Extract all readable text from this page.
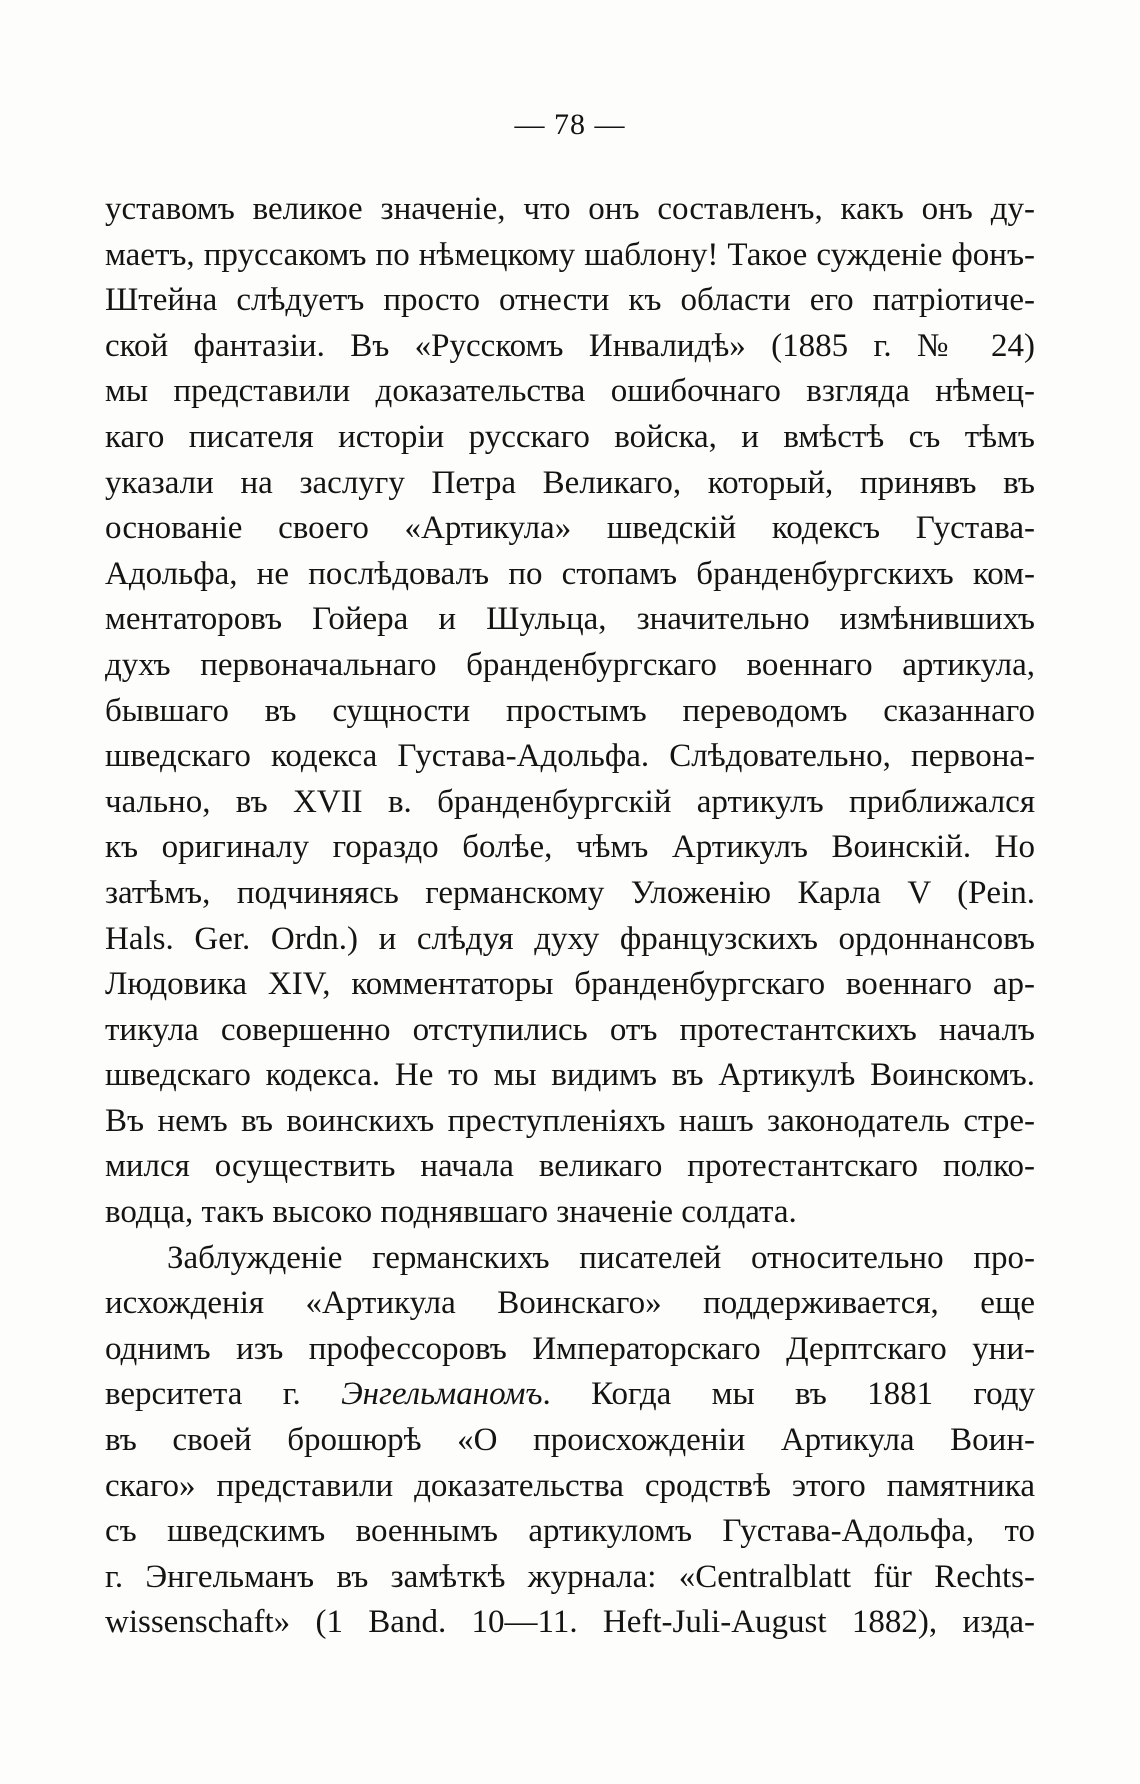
— 78 —
уставомъ великое значеніе, что онъ составленъ, какъ онъ ду-
маетъ, пруссакомъ по нѣмецкому шаблону! Такое сужденіе фонъ-
Штейна слѣдуетъ просто отнести къ области его патріотиче-
ской фантазіи. Въ «Русскомъ Инвалидѣ» (1885 г. № 24)
мы представили доказательства ошибочнаго взгляда нѣмец-
каго писателя исторіи русскаго войска, и вмѣстѣ съ тѣмъ
указали на заслугу Петра Великаго, который, принявъ въ
основаніе своего «Артикула» шведскій кодексъ Густава-
Адольфа, не послѣдовалъ по стопамъ бранденбургскихъ ком-
ментаторовъ Гойера и Шульца, значительно измѣнившихъ
духъ первоначальнаго бранденбургскаго военнаго артикула,
бывшаго въ сущности простымъ переводомъ сказаннаго
шведскаго кодекса Густава-Адольфа. Слѣдовательно, первона-
чально, въ XVII в. бранденбургскій артикулъ приближался
къ оригиналу гораздо болѣе, чѣмъ Артикулъ Воинскій. Но
затѣмъ, подчиняясь германскому Уложенію Карла V (Pein.
Hals. Ger. Ordn.) и слѣдуя духу французскихъ ордоннансовъ
Людовика XIV, комментаторы бранденбургскаго военнаго ар-
тикула совершенно отступились отъ протестантскихъ началъ
шведскаго кодекса. Не то мы видимъ въ Артикулѣ Воинскомъ.
Въ немъ въ воинскихъ преступленіяхъ нашъ законодатель стре-
мился осуществить начала великаго протестантскаго полко-
водца, такъ высоко поднявшаго значеніе солдата.
Заблужденіе германскихъ писателей относительно про-
исхожденія «Артикула Воинскаго» поддерживается, еще
однимъ изъ профессоровъ Императорскаго Дерптскаго уни-
верситета г. Энгельманомъ. Когда мы въ 1881 году
въ своей брошюрѣ «О происхожденіи Артикула Воин-
скаго» представили доказательства сродствѣ этого памятника
съ шведскимъ военнымъ артикуломъ Густава-Адольфа, то
г. Энгельманъ въ замѣткѣ журнала: «Centralblatt für Rechts-
wissenschaft» (1 Band. 10—11. Heft-Juli-August 1882), изда-
